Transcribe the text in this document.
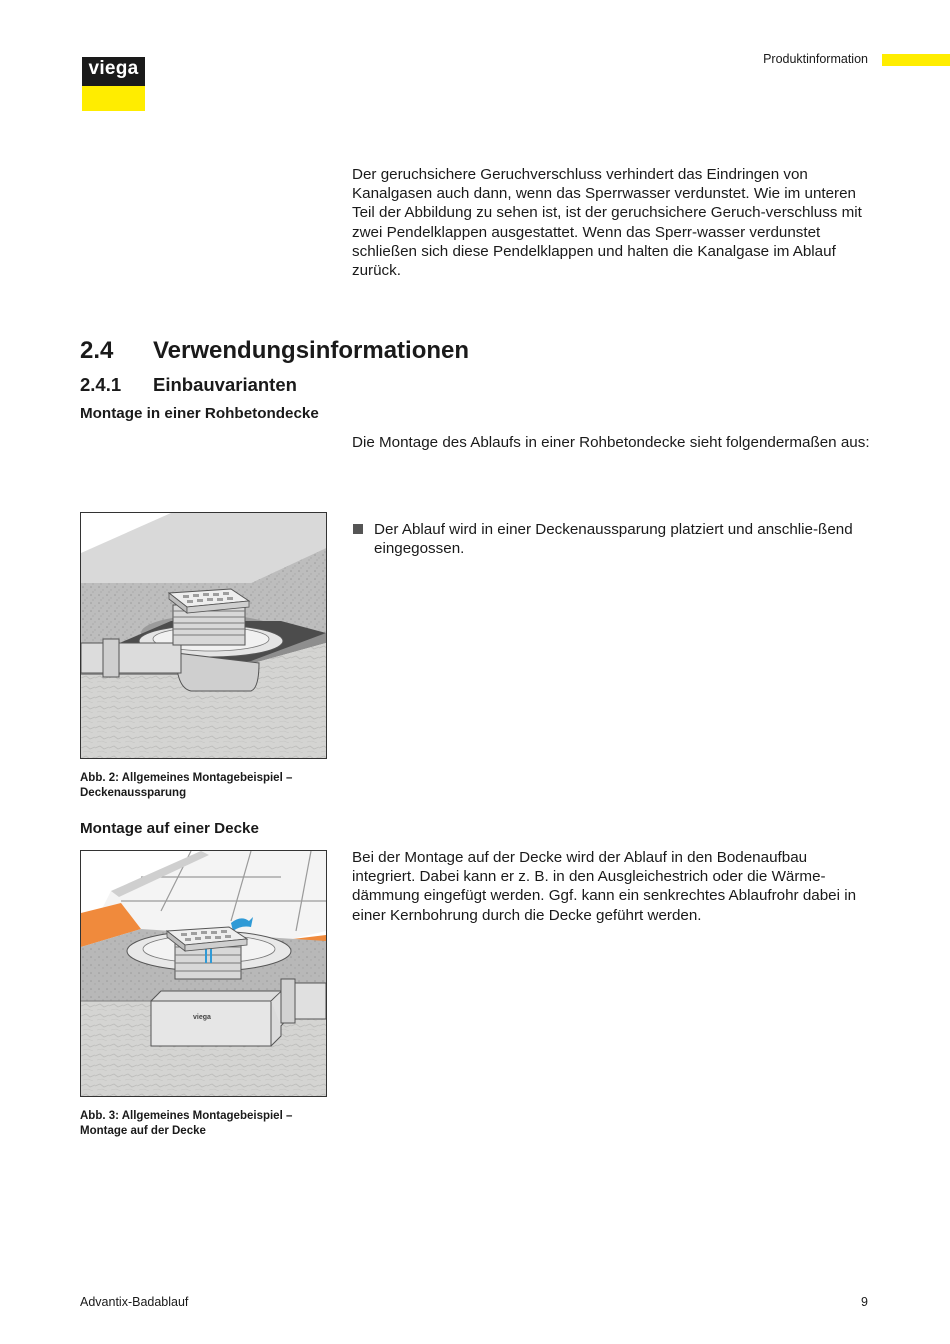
viega	Produktinformation
Der geruchsichere Geruchverschluss verhindert das Eindringen von Kanalgasen auch dann, wenn das Sperrwasser verdunstet. Wie im unteren Teil der Abbildung zu sehen ist, ist der geruchsichere Geruch-verschluss mit zwei Pendelklappen ausgestattet. Wenn das Sperr-wasser verdunstet schließen sich diese Pendelklappen und halten die Kanalgase im Ablauf zurück.
2.4 Verwendungsinformationen
2.4.1 Einbauvarianten
Montage in einer Rohbetondecke
Die Montage des Ablaufs in einer Rohbetondecke sieht folgendermaßen aus:
Der Ablauf wird in einer Deckenaussparung platziert und anschlie-ßend eingegossen.
Abb. 2: Allgemeines Montagebeispiel – Deckenaussparung
Montage auf einer Decke
Bei der Montage auf der Decke wird der Ablauf in den Bodenaufbau integriert. Dabei kann er z. B. in den Ausgleichestrich oder die Wärme-dämmung eingefügt werden. Ggf. kann ein senkrechtes Ablaufrohr dabei in einer Kernbohrung durch die Decke geführt werden.
viega
Abb. 3: Allgemeines Montagebeispiel – Montage auf der Decke
Advantix-Badablauf	9
